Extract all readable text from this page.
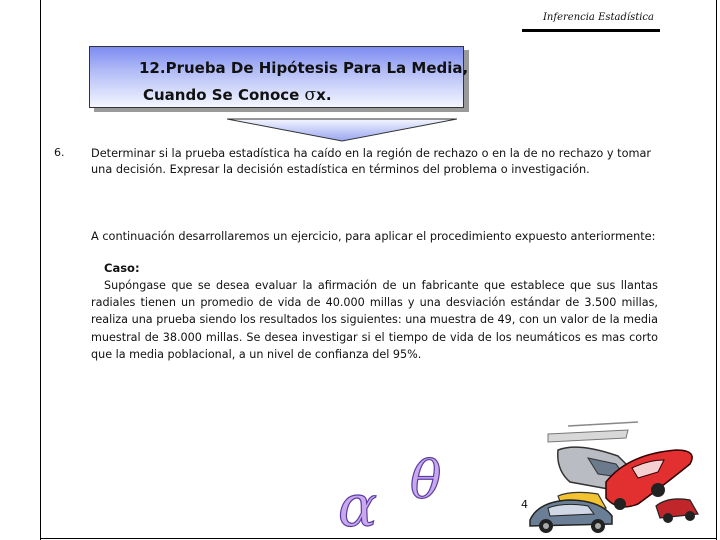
Inferencia Estadística
12.Prueba De Hipótesis Para La Media,
Cuando Se Conoce σx.
6. Determinar si la prueba estadística ha caído en la región de rechazo o en la de no rechazo y tomar una decisión. Expresar la decisión estadística en términos del problema o investigación.
A continuación desarrollaremos un ejercicio, para aplicar el procedimiento expuesto anteriormente:
Caso:
Supóngase que se desea evaluar la afirmación de un fabricante que establece que sus llantas radiales tienen un promedio de vida de 40.000 millas y una desviación estándar de 3.500 millas, realiza una prueba siendo los resultados los siguientes: una muestra de 49, con un valor de la media muestral de 38.000 millas. Se desea investigar si el tiempo de vida de los neumáticos es mas corto que la media poblacional, a un nivel de confianza del 95%.
α θ	4
